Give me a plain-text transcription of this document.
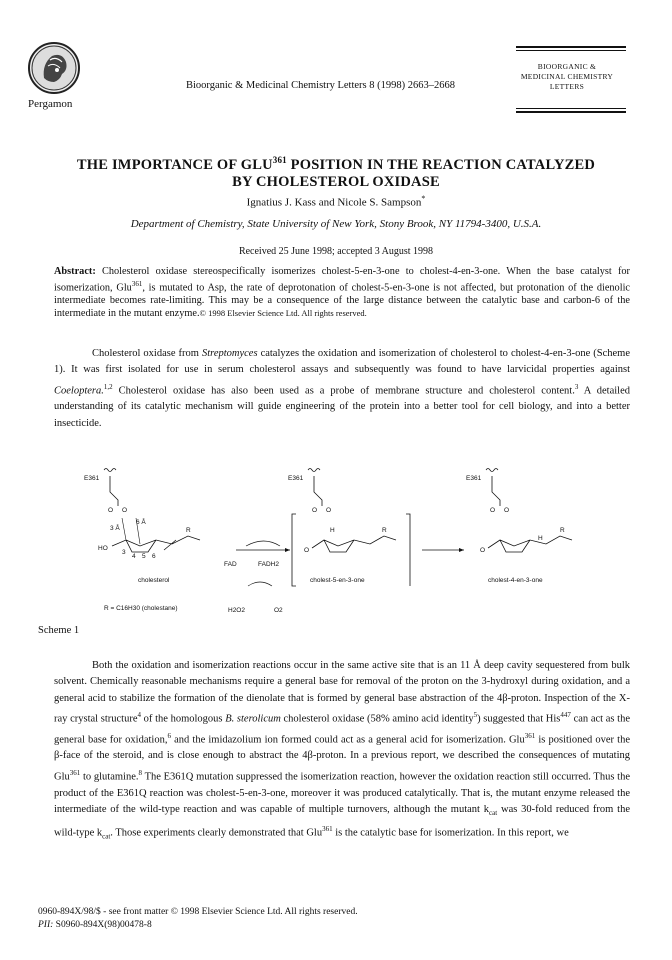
Pergamon
Bioorganic & Medicinal Chemistry Letters 8 (1998) 2663–2668
BIOORGANIC &
MEDICINAL CHEMISTRY
LETTERS
THE IMPORTANCE OF GLU$^{361}$ POSITION IN THE REACTION CATALYZED
BY CHOLESTEROL OXIDASE
Ignatius J. Kass and Nicole S. Sampson*
Department of Chemistry, State University of New York, Stony Brook, NY 11794-3400, U.S.A.
Received 25 June 1998; accepted 3 August 1998
Abstract: Cholesterol oxidase stereospecifically isomerizes cholest-5-en-3-one to cholest-4-en-3-one. When the base catalyst for isomerization, Glu$^{361}$, is mutated to Asp, the rate of deprotonation of cholest-5-en-3-one is not affected, but protonation of the dienolic intermediate becomes rate-limiting. This may be a consequence of the large distance between the catalytic base and carbon-6 of the intermediate in the mutant enzyme.© 1998 Elsevier Science Ltd. All rights reserved.

Cholesterol oxidase from Streptomyces catalyzes the oxidation and isomerization of cholesterol to cholest-4-en-3-one (Scheme 1). It was first isolated for use in serum cholesterol assays and subsequently was found to have larvicidal properties against Coeloptera.$^{1,2}$ Cholesterol oxidase has also been used as a probe of membrane structure and cholesterol content.$^3$ A detailed understanding of its catalytic mechanism will guide engineering of the protein into a better tool for cell biology, and into a better insecticide.

E361
O O
3 Å
6 Å
R
HO
3
4 5 6
cholesterol
FAD	FADH2
H2O2	O2
E361
O O
H	R
O
cholest-5-en-3-one
E361
O O
H
R
O
cholest-4-en-3-one
R = C16H30 (cholestane)
Scheme 1

Both the oxidation and isomerization reactions occur in the same active site that is an 11 Å deep cavity sequestered from bulk solvent. Chemically reasonable mechanisms require a general base for removal of the proton on the 3-hydroxyl during oxidation, and a general acid to stabilize the formation of the dienolate that is formed by general base abstraction of the 4β-proton. Inspection of the X-ray crystal structure$^4$ of the homologous B. sterolicum cholesterol oxidase (58% amino acid identity$^5$) suggested that His$^{447}$ can act as the general base for oxidation,$^6$ and the imidazolium ion formed could act as a general acid for isomerization. Glu$^{361}$ is positioned over the β-face of the steroid, and is close enough to abstract the 4β-proton. In a previous report, we described the consequences of mutating Glu$^{361}$ to glutamine.$^8$ The E361Q mutation suppressed the isomerization reaction, however the oxidation reaction still occurred. Thus the product of the E361Q reaction was cholest-5-en-3-one, moreover it was produced catalytically. That is, the mutant enzyme released the intermediate of the wild-type reaction and was capable of multiple turnovers, although the mutant $k_{cat}$ was 30-fold reduced from the wild-type $k_{cat}$. Those experiments clearly demonstrated that Glu$^{361}$ is the catalytic base for isomerization. In this report, we

0960-894X/98/$ - see front matter © 1998 Elsevier Science Ltd. All rights reserved.
PII: S0960-894X(98)00478-8
